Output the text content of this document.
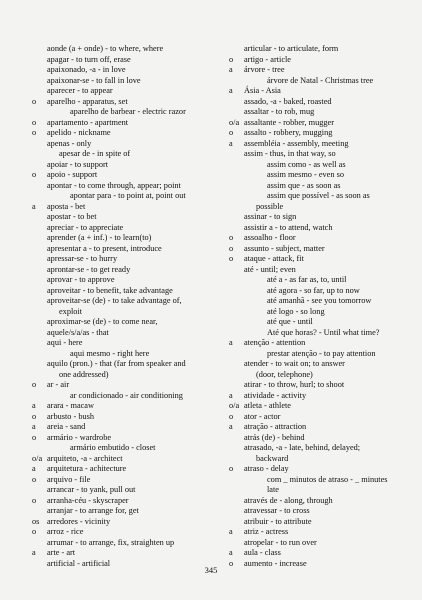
aonde (a + onde) - to where, where
apagar - to turn off, erase
apaixonado, -a - in love
apaixonar-se - to fall in love
aparecer - to appear
o	aparelho - apparatus, set
aparelho de barbear - electric razor
o	apartamento - apartment
o	apelido - nickname
apenas - only
apesar de - in spite of
apoiar - to support
o	apoio - support
apontar - to come through, appear; point
apontar para - to point at, point out
a	aposta - bet
apostar - to bet
apreciar - to appreciate
aprender (a + inf.) - to learn(to)
apresentar a - to present, introduce
apressar-se - to hurry
aprontar-se - to get ready
aprovar - to approve
aproveitar - to benefit, take advantage
aproveitar-se (de) - to take advantage of,
exploit
aproximar-se (de) - to come near,
aquele/s/a/as - that
aqui - here
aqui mesmo - right here
aquilo (pron.) - that (far from speaker and
one addressed)
o	ar - air
ar condicionado - air conditioning
a	arara - macaw
o	arbusto - bush
a	areia - sand
o	armário - wardrobe
armário embutido - closet
o/a arquiteto, -a - architect
a	arquitetura - achitecture
o	arquivo - file
arrancar - to yank, pull out
o	arranha-céu - skyscraper
arranjar - to arrange for, get
os arredores - vicinity
o	arroz - rice
arrumar - to arrange, fix, straighten up
a	arte - art
artificial - artificial
articular - to articulate, form
o	artigo - article
a	árvore - tree
árvore de Natal - Christmas tree
a	Ásia - Asia
assado, -a - baked, roasted
assaltar - to rob, mug
o/a assaltante - robber, mugger
o	assalto - robbery, mugging
a	assembléia - assembly, meeting
assim - thus, in that way, so
assim como - as well as
assim mesmo - even so
assim que - as soon as
assim que possível - as soon as
possible
assinar - to sign
assistir a - to attend, watch
o	assoalho - floor
o	assunto - subject, matter
o	ataque - attack, fit
até - until; even
até a - as far as, to, until
até agora - so far, up to now
até amanhã - see you tomorrow
até logo - so long
até que - until
Até que horas? - Until what time?
a	atenção - attention
prestar atenção - to pay attention
atender - to wait on; to answer
(door, telephone)
atirar - to throw, hurl; to shoot
a	atividade - activity
o/a atleta - athlete
o	ator - actor
a	atração - attraction
atrás (de) - behind
atrasado, -a - late, behind, delayed;
backward
o	atraso - delay
com _ minutos de atraso - _ minutes
late
através de - along, through
atravessar - to cross
atribuir - to attribute
a	atriz - actress
atropelar - to run over
a	aula - class
o	aumento - increase
345
